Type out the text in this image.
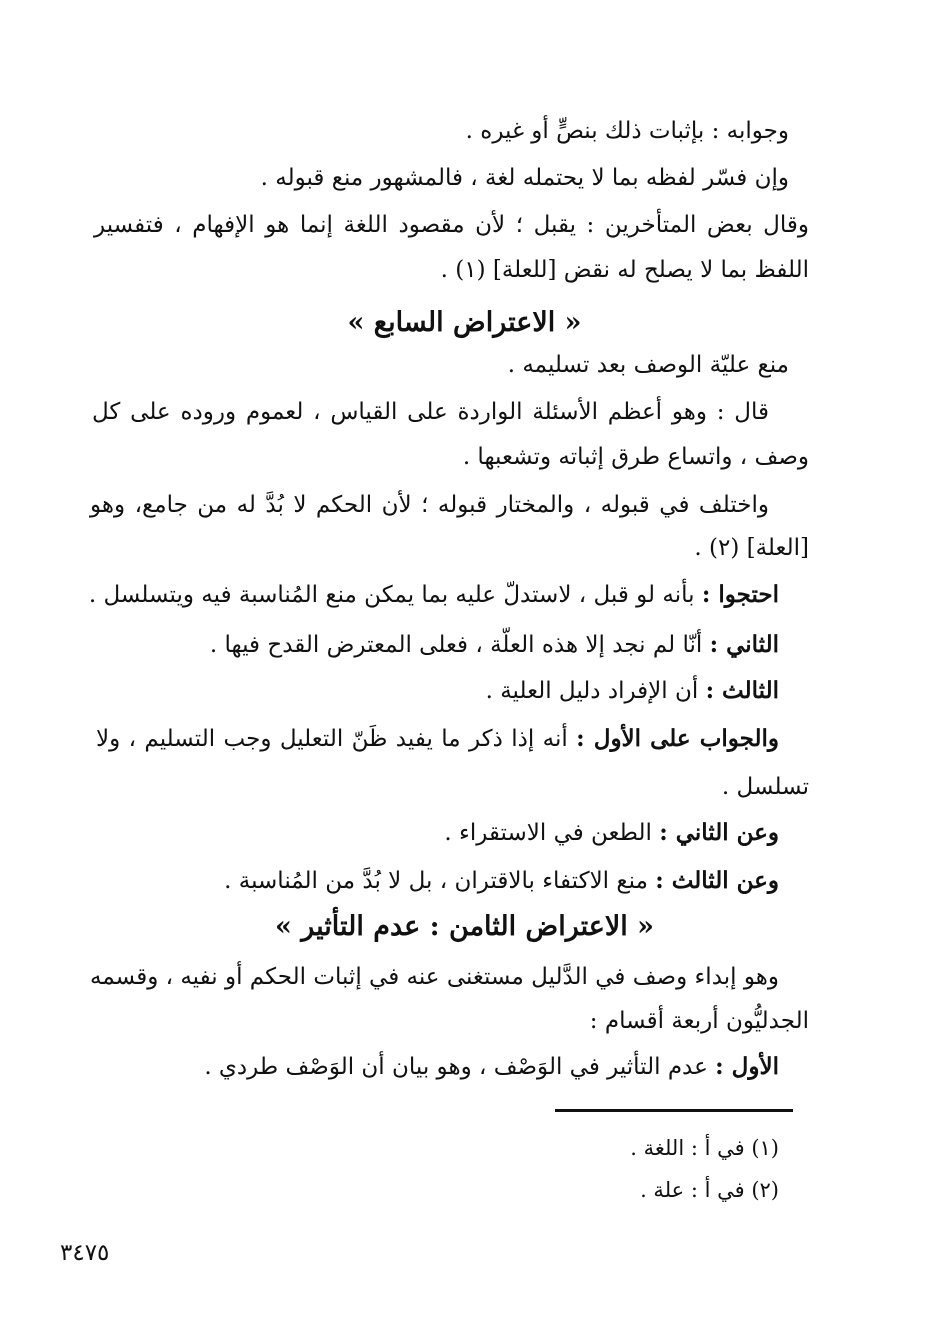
وجوابه : بإثبات ذلك بنصٍّ أو غيره .
وإن فسّر لفظه بما لا يحتمله لغة ، فالمشهور منع قبوله .
وقال بعض المتأخرين : يقبل ؛ لأن مقصود اللغة إنما هو الإفهام ، فتفسير
اللفظ بما لا يصلح له نقض [للعلة] (١) .
« الاعتراض السابع »
منع عليّة الوصف بعد تسليمه .
قال : وهو أعظم الأسئلة الواردة على القياس ، لعموم وروده على كل
وصف ، واتساع طرق إثباته وتشعبها .
واختلف في قبوله ، والمختار قبوله ؛ لأن الحكم لا بُدَّ له من جامع، وهو
[العلة] (٢) .
احتجوا : بأنه لو قبل ، لاستدلّ عليه بما يمكن منع المُناسبة فيه ويتسلسل .
الثاني : أنّا لم نجد إلا هذه العلّة ، فعلى المعترض القدح فيها .
الثالث : أن الإفراد دليل العلية .
والجواب على الأول : أنه إذا ذكر ما يفيد ظَنّ التعليل وجب التسليم ، ولا
تسلسل .
وعن الثاني : الطعن في الاستقراء .
وعن الثالث : منع الاكتفاء بالاقتران ، بل لا بُدَّ من المُناسبة .
« الاعتراض الثامن : عدم التأثير »
وهو إبداء وصف في الدَّليل مستغنى عنه في إثبات الحكم أو نفيه ، وقسمه
الجدليُّون أربعة أقسام :
الأول : عدم التأثير في الوَصْف ، وهو بيان أن الوَصْف طردي .
(١) في أ : اللغة .
(٢) في أ : علة .
٣٤٧٥
